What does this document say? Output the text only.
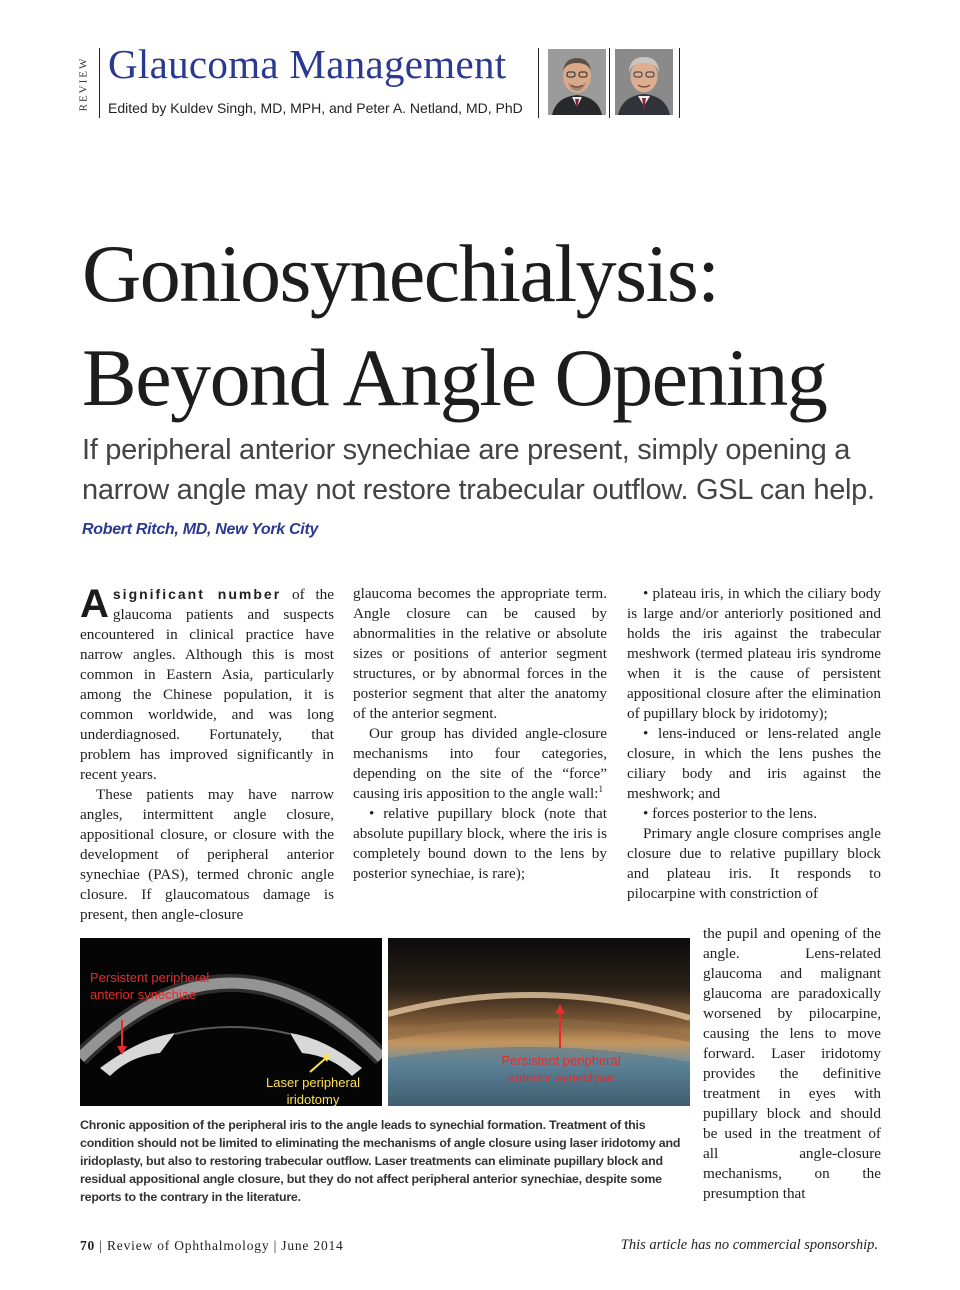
REVIEW Glaucoma Management
Edited by Kuldev Singh, MD, MPH, and Peter A. Netland, MD, PhD
Goniosynechialysis:
Beyond Angle Opening
If peripheral anterior synechiae are present, simply opening a narrow angle may not restore trabecular outflow. GSL can help.
Robert Ritch, MD, New York City

Asignificant number of the glaucoma patients and suspects encountered in clinical practice have narrow angles. Although this is most common in Eastern Asia, particularly among the Chinese population, it is common worldwide, and was long underdiagnosed. Fortunately, that problem has improved significantly in recent years.

These patients may have narrow angles, intermittent angle closure, appositional closure, or closure with the development of peripheral anterior synechiae (PAS), termed chronic angle closure. If glaucomatous damage is present, then angle-closure

glaucoma becomes the appropriate term. Angle closure can be caused by abnormalities in the relative or absolute sizes or positions of anterior segment structures, or by abnormal forces in the posterior segment that alter the anatomy of the anterior segment.

Our group has divided angle-closure mechanisms into four categories, depending on the site of the “force” causing iris apposition to the angle wall:$^1$

• relative pupillary block (note that absolute pupillary block, where the iris is completely bound down to the lens by posterior synechiae, is rare);

• plateau iris, in which the ciliary body is large and/or anteriorly positioned and holds the iris against the trabecular meshwork (termed plateau iris syndrome when it is the cause of persistent appositional closure after the elimination of pupillary block by iridotomy);

• lens-induced or lens-related angle closure, in which the lens pushes the ciliary body and iris against the meshwork; and

• forces posterior to the lens.

Primary angle closure comprises angle closure due to relative pupillary block and plateau iris. It responds to pilocarpine with constriction of

the pupil and opening of the angle. Lens-related glaucoma and malignant glaucoma are paradoxically worsened by pilocarpine, causing the lens to move forward. Laser iridotomy provides the definitive treatment in eyes with pupillary block and should be used in the treatment of all angle-closure mechanisms, on the presumption that

Persistent peripheral anterior synechiae
Laser peripheral iridotomy
Persistent peripheral anterior synechiae
Chronic apposition of the peripheral iris to the angle leads to synechial formation. Treatment of this condition should not be limited to eliminating the mechanisms of angle closure using laser iridotomy and iridoplasty, but also to restoring trabecular outflow. Laser treatments can eliminate pupillary block and residual appositional angle closure, but they do not affect peripheral anterior synechiae, despite some reports to the contrary in the literature.
70 | Review of Ophthalmology | June 2014	This article has no commercial sponsorship.
